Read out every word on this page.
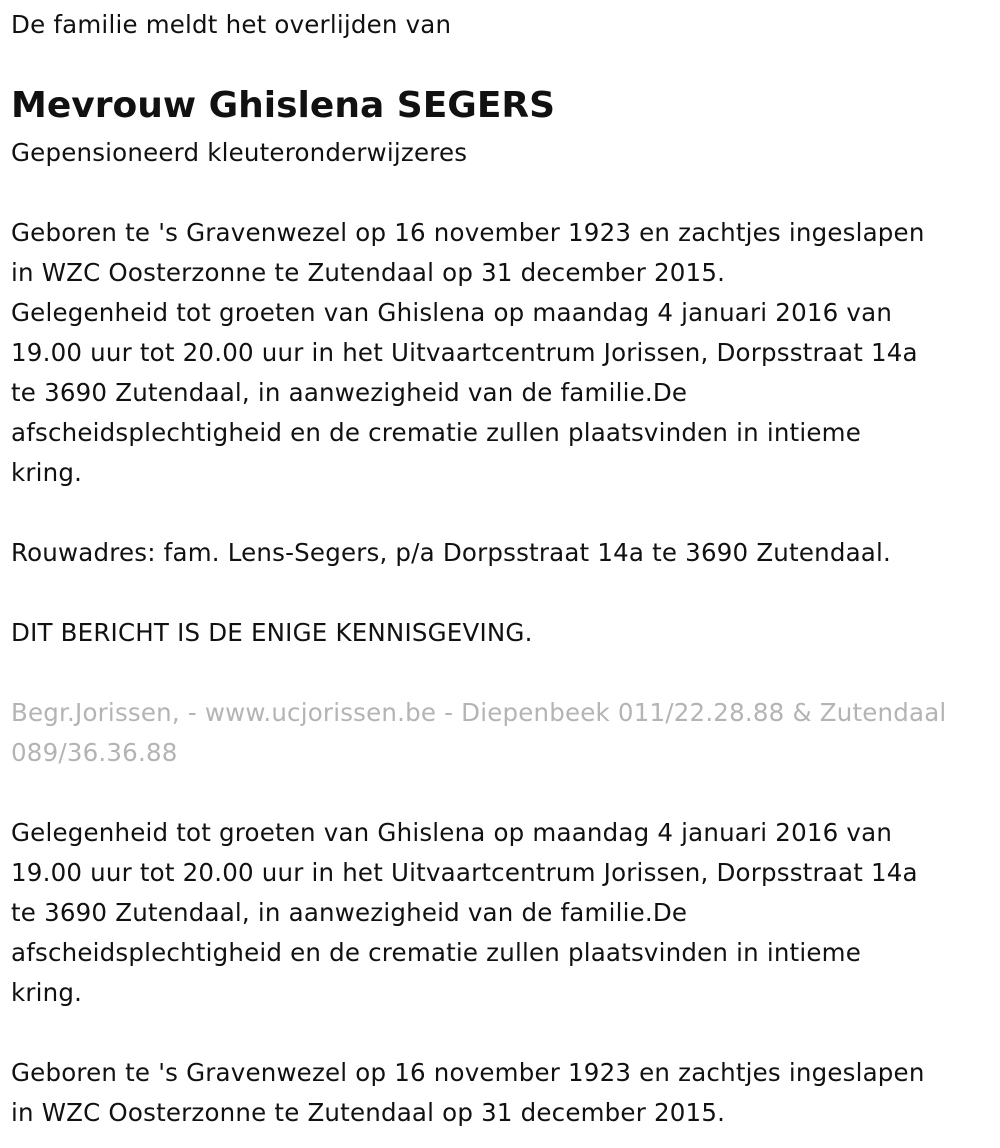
De familie meldt het overlijden van

Mevrouw Ghislena SEGERS

Gepensioneerd kleuteronderwijzeres

Geboren te 's Gravenwezel op 16 november 1923 en zachtjes ingeslapen
in WZC Oosterzonne te Zutendaal op 31 december 2015.

Gelegenheid tot groeten van Ghislena op maandag 4 januari 2016 van
19.00 uur tot 20.00 uur in het Uitvaartcentrum Jorissen, Dorpsstraat 14a
te 3690 Zutendaal, in aanwezigheid van de familie.De
afscheidsplechtigheid en de crematie zullen plaatsvinden in intieme
kring.

Rouwadres: fam. Lens-Segers, p/a Dorpsstraat 14a te 3690 Zutendaal.

DIT BERICHT IS DE ENIGE KENNISGEVING.

Begr.Jorissen, - www.ucjorissen.be - Diepenbeek 011/22.28.88 & Zutendaal
089/36.36.88

Gelegenheid tot groeten van Ghislena op maandag 4 januari 2016 van
19.00 uur tot 20.00 uur in het Uitvaartcentrum Jorissen, Dorpsstraat 14a
te 3690 Zutendaal, in aanwezigheid van de familie.De
afscheidsplechtigheid en de crematie zullen plaatsvinden in intieme
kring.

Geboren te 's Gravenwezel op 16 november 1923 en zachtjes ingeslapen
in WZC Oosterzonne te Zutendaal op 31 december 2015.
